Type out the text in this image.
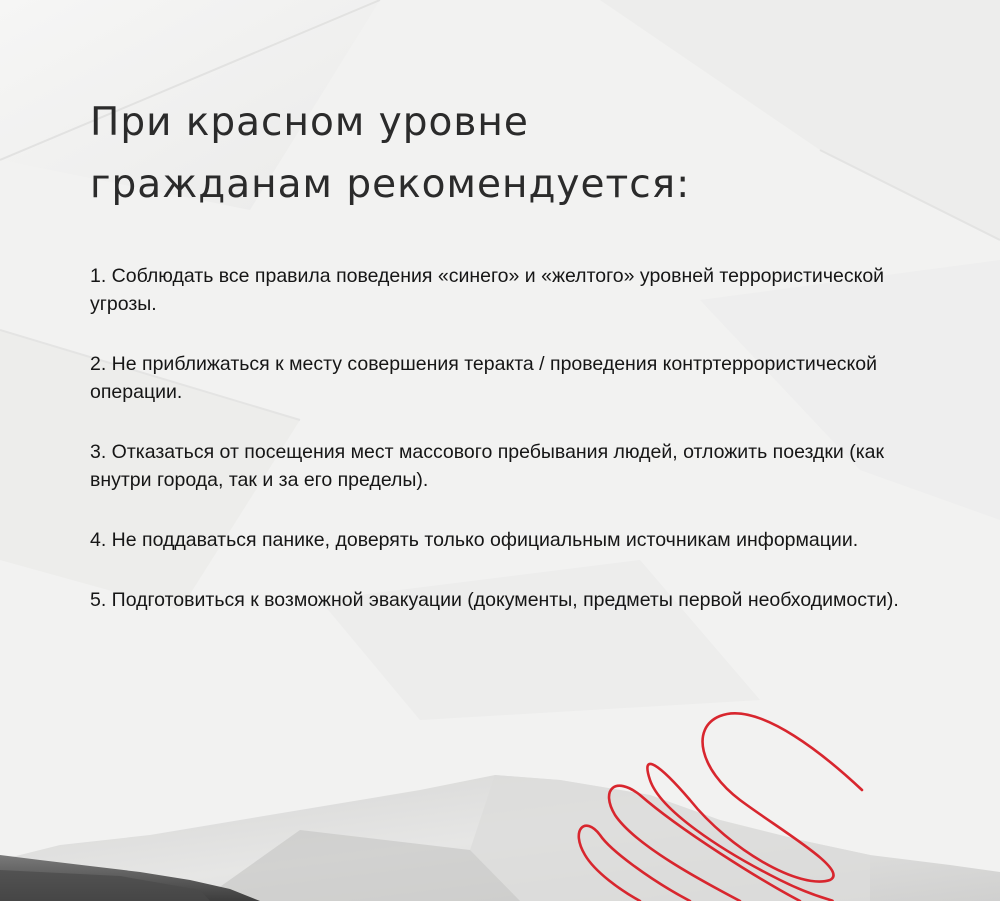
При красном уровне
гражданам рекомендуется:
1. Соблюдать все правила поведения «синего» и «желтого» уровней террористической угрозы.
2. Не приближаться к месту совершения теракта / проведения контртеррористической операции.
3. Отказаться от посещения мест массового пребывания людей, отложить поездки (как внутри города, так и за его пределы).
4. Не поддаваться панике, доверять только официальным источникам информации.
5. Подготовиться к возможной эвакуации (документы, предметы первой необходимости).
